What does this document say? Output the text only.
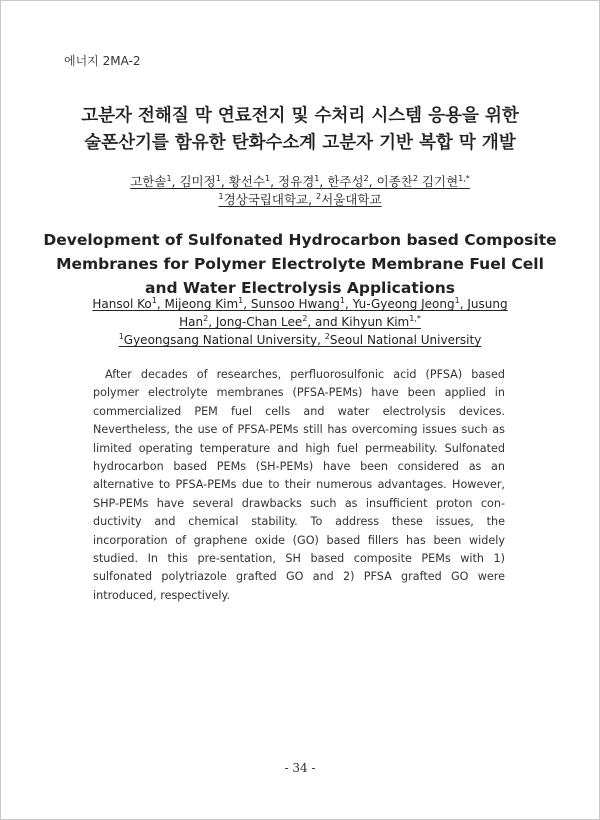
에너지 2MA-2
고분자 전해질 막 연료전지 및 수처리 시스템 응용을 위한
술폰산기를 함유한 탄화수소계 고분자 기반 복합 막 개발
고한솔$^1$, 김미정$^1$, 황선수$^1$, 정유경$^1$, 한주성$^2$, 이종찬$^2$ 김기현$^{1,*}$
$^1$경상국립대학교, $^2$서울대학교
Development of Sulfonated Hydrocarbon based Composite
Membranes for Polymer Electrolyte Membrane Fuel Cell
and Water Electrolysis Applications
Hansol Ko$^1$, Mijeong Kim$^1$, Sunsoo Hwang$^1$, Yu-Gyeong Jeong$^1$, Jusung Han$^2$, Jong-Chan Lee$^2$, and Kihyun Kim$^{1,*}$
$^1$Gyeongsang National University, $^2$Seoul National University
After decades of researches, perfluorosulfonic acid (PFSA) based polymer electrolyte membranes (PFSA-PEMs) have been applied in commercialized PEM fuel cells and water electrolysis devices. Nevertheless, the use of PFSA-PEMs still has overcoming issues such as limited operating temperature and high fuel permeability. Sulfonated hydrocarbon based PEMs (SH-PEMs) have been considered as an alternative to PFSA-PEMs due to their numerous advantages. However, SHP-PEMs have several drawbacks such as insufficient proton con-ductivity and chemical stability. To address these issues, the incorporation of graphene oxide (GO) based fillers has been widely studied. In this pre-sentation, SH based composite PEMs with 1) sulfonated polytriazole grafted GO and 2) PFSA grafted GO were introduced, respectively.
- 34 -
